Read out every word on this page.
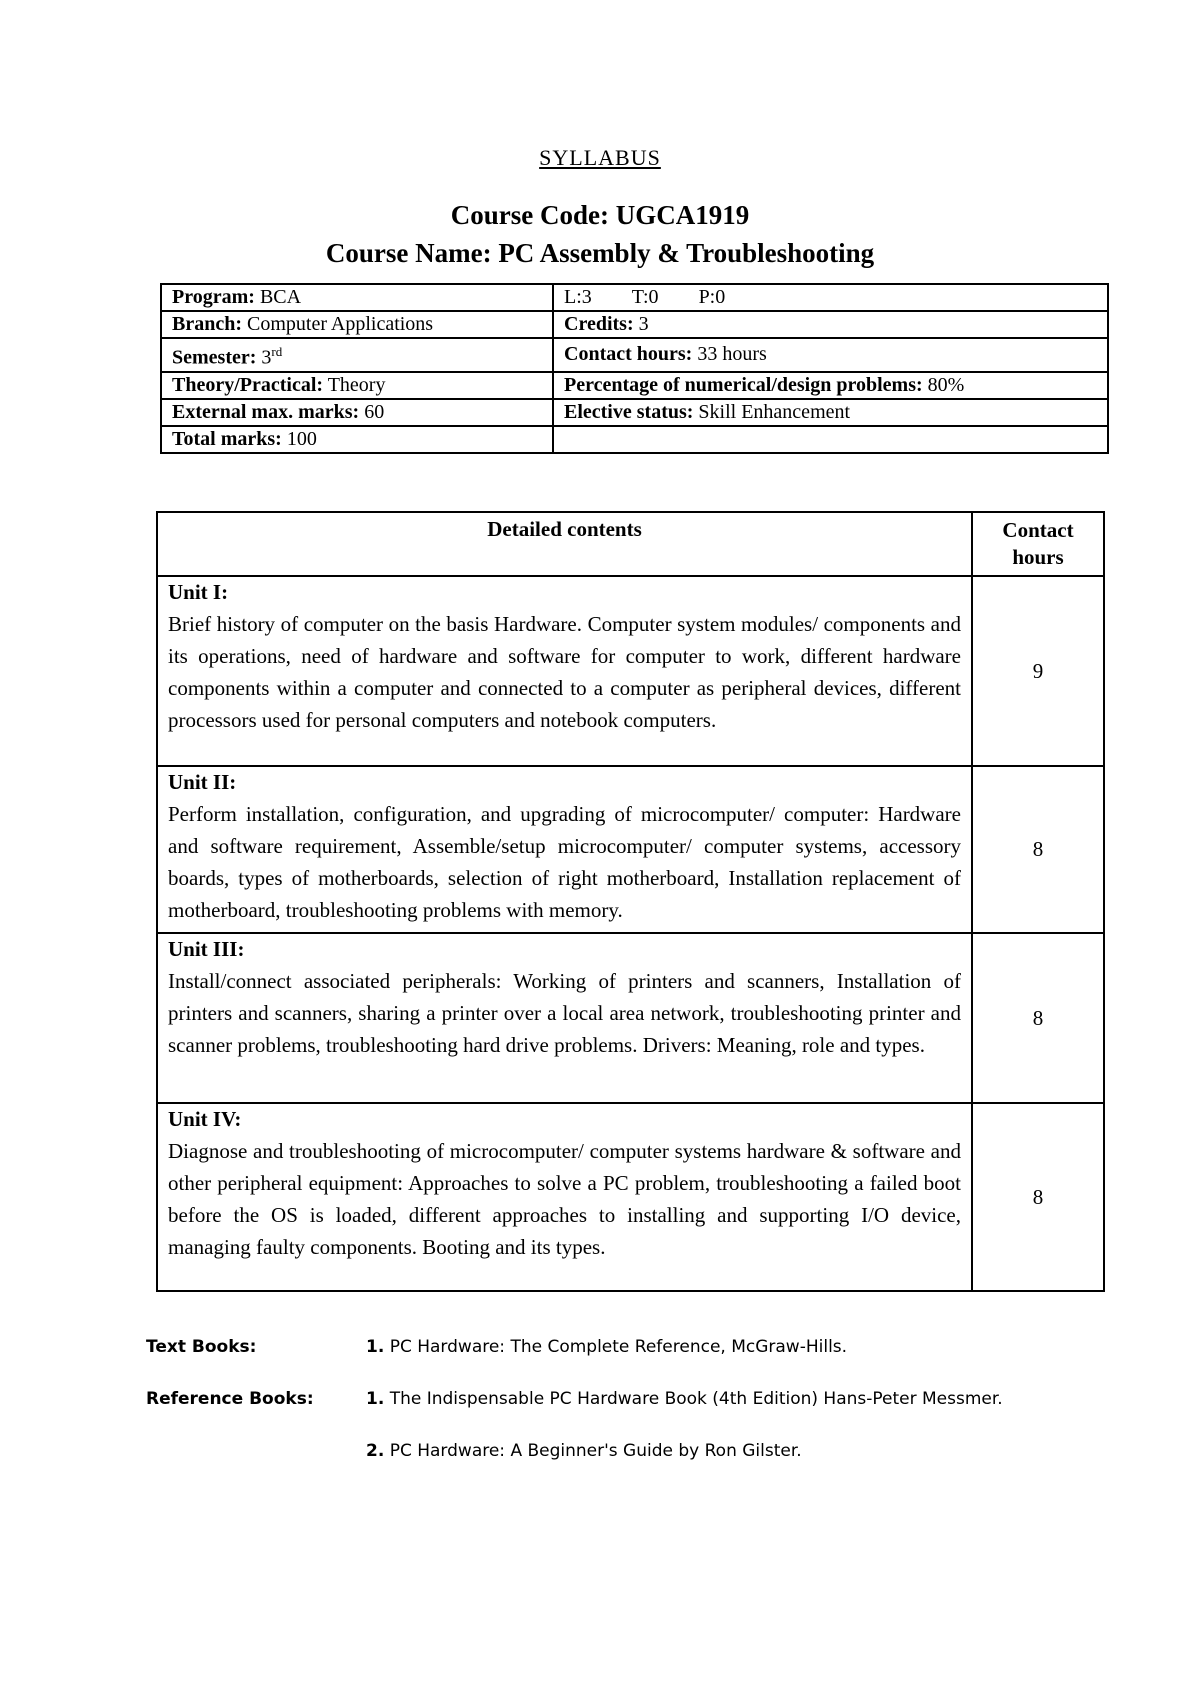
SYLLABUS
Course Code: UGCA1919
Course Name: PC Assembly & Troubleshooting
Program: BCA	L:3 T:0 P:0
Branch: Computer Applications	Credits: 3
Semester: 3rd	Contact hours: 33 hours
Theory/Practical: Theory	Percentage of numerical/design problems: 80%
External max. marks: 60	Elective status: Skill Enhancement
Total marks: 100	
Detailed contents	Contact
hours

Unit I:
Brief history of computer on the basis Hardware. Computer system modules/ components and its operations, need of hardware and software for computer to work, different hardware components within a computer and connected to a computer as peripheral devices, different processors used for personal computers and notebook computers.	9

Unit II:
Perform installation, configuration, and upgrading of microcomputer/ computer: Hardware and software requirement, Assemble/setup microcomputer/ computer systems, accessory boards, types of motherboards, selection of right motherboard, Installation replacement of motherboard, troubleshooting problems with memory.	8

Unit III:
Install/connect associated peripherals: Working of printers and scanners, Installation of printers and scanners, sharing a printer over a local area network, troubleshooting printer and scanner problems, troubleshooting hard drive problems. Drivers: Meaning, role and types.	8

Unit IV:
Diagnose and troubleshooting of microcomputer/ computer systems hardware & software and other peripheral equipment: Approaches to solve a PC problem, troubleshooting a failed boot before the OS is loaded, different approaches to installing and supporting I/O device, managing faulty components. Booting and its types.	8
Text Books:	1. PC Hardware: The Complete Reference, McGraw-Hills.
Reference Books:	1. The Indispensable PC Hardware Book (4th Edition) Hans-Peter Messmer.
2. PC Hardware: A Beginner's Guide by Ron Gilster.
